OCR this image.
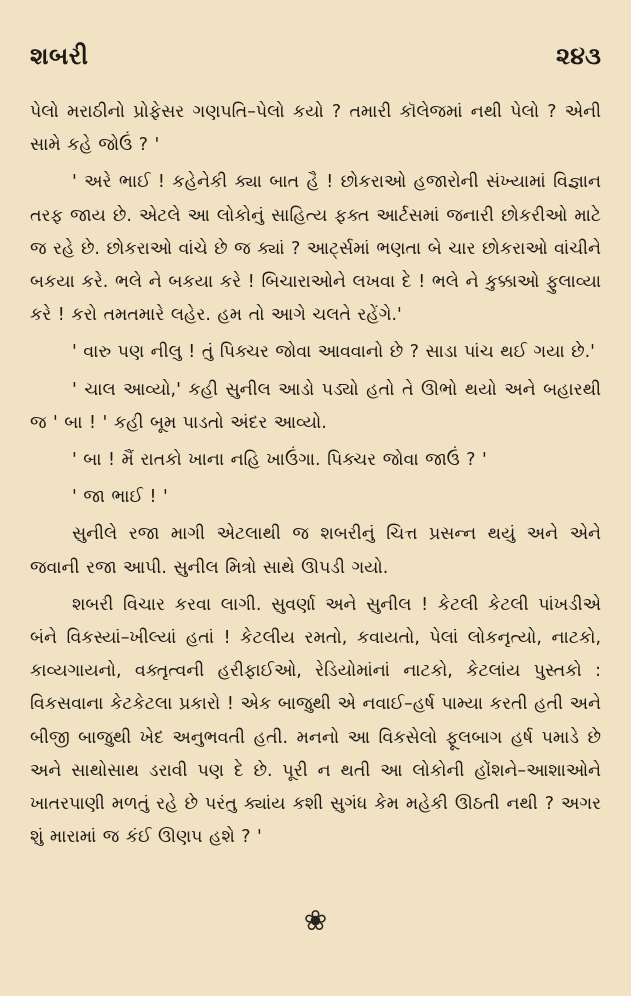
શબરી	૨૪૩

પેલો મરાઠીનો પ્રોફેસર ગણપતિ–પેલો કયો ? તમારી કૉલેજમાં નથી પેલો ? એની સામે કહે જોઉં ? '

' અરે ભાઈ ! કહેનેકી ક્યા બાત હૈ ! છોકરાઓ હજારોની સંખ્યામાં વિજ્ઞાન તરફ જાય છે. એટલે આ લોકોનું સાહિત્ય ફક્ત આર્ટસમાં જનારી છોકરીઓ માટે જ રહે છે. છોકરાઓ વાંચે છે જ ક્યાં ? આર્ટ્સમાં ભણતા બે ચાર છોકરાઓ વાંચીને બકયા કરે. ભલે ને બકયા કરે ! બિચારાઓને લખવા દે ! ભલે ને કુક્કાઓ ફુલાવ્યા કરે ! કરો તમતમારે લહેર. હમ તો આગે ચલતે રહેંગે.'

' વારુ પણ નીલુ ! તું પિક્ચર જોવા આવવાનો છે ? સાડા પાંચ થઈ ગયા છે.'

' ચાલ આવ્યો,' કહી સુનીલ આડો પડ્યો હતો તે ઊભો થયો અને બહારથી જ ' બા ! ' કહી બૂમ પાડતો અંદર આવ્યો.

' બા ! મૈં રાતકો ખાના નહિ ખાઉંગા. પિક્ચર જોવા જાઉં ? '

' જા ભાઈ ! '

સુનીલે રજા માગી એટલાથી જ શબરીનું ચિત્ત પ્રસન્ન થયું અને એને જવાની રજા આપી. સુનીલ મિત્રો સાથે ઊપડી ગયો.

શબરી વિચાર કરવા લાગી. સુવર્ણા અને સુનીલ ! કેટલી કેટલી પાંખડીએ બંને વિકસ્યાં–ખીલ્યાં હતાં ! કેટલીય રમતો, કવાયતો, પેલાં લોકનૃત્યો, નાટકો, કાવ્યગાયનો, વક્તૃત્વની હરીફાઈઓ, રેડિયોમાંનાં નાટકો, કેટલાંય પુસ્તકો : વિકસવાના કેટકેટલા પ્રકારો ! એક બાજુથી એ નવાઈ–હર્ષ પામ્યા કરતી હતી અને બીજી બાજુથી ખેદ અનુભવતી હતી. મનનો આ વિકસેલો ફૂલબાગ હર્ષ પમાડે છે અને સાથોસાથ ડરાવી પણ દે છે. પૂરી ન થતી આ લોકોની હોંશને–આશાઓને ખાતરપાણી મળતું રહે છે પરંતુ ક્યાંય કશી સુગંધ કેમ મહેકી ઊઠતી નથી ? અગર શું મારામાં જ કંઈ ઊણપ હશે ? '

❀
